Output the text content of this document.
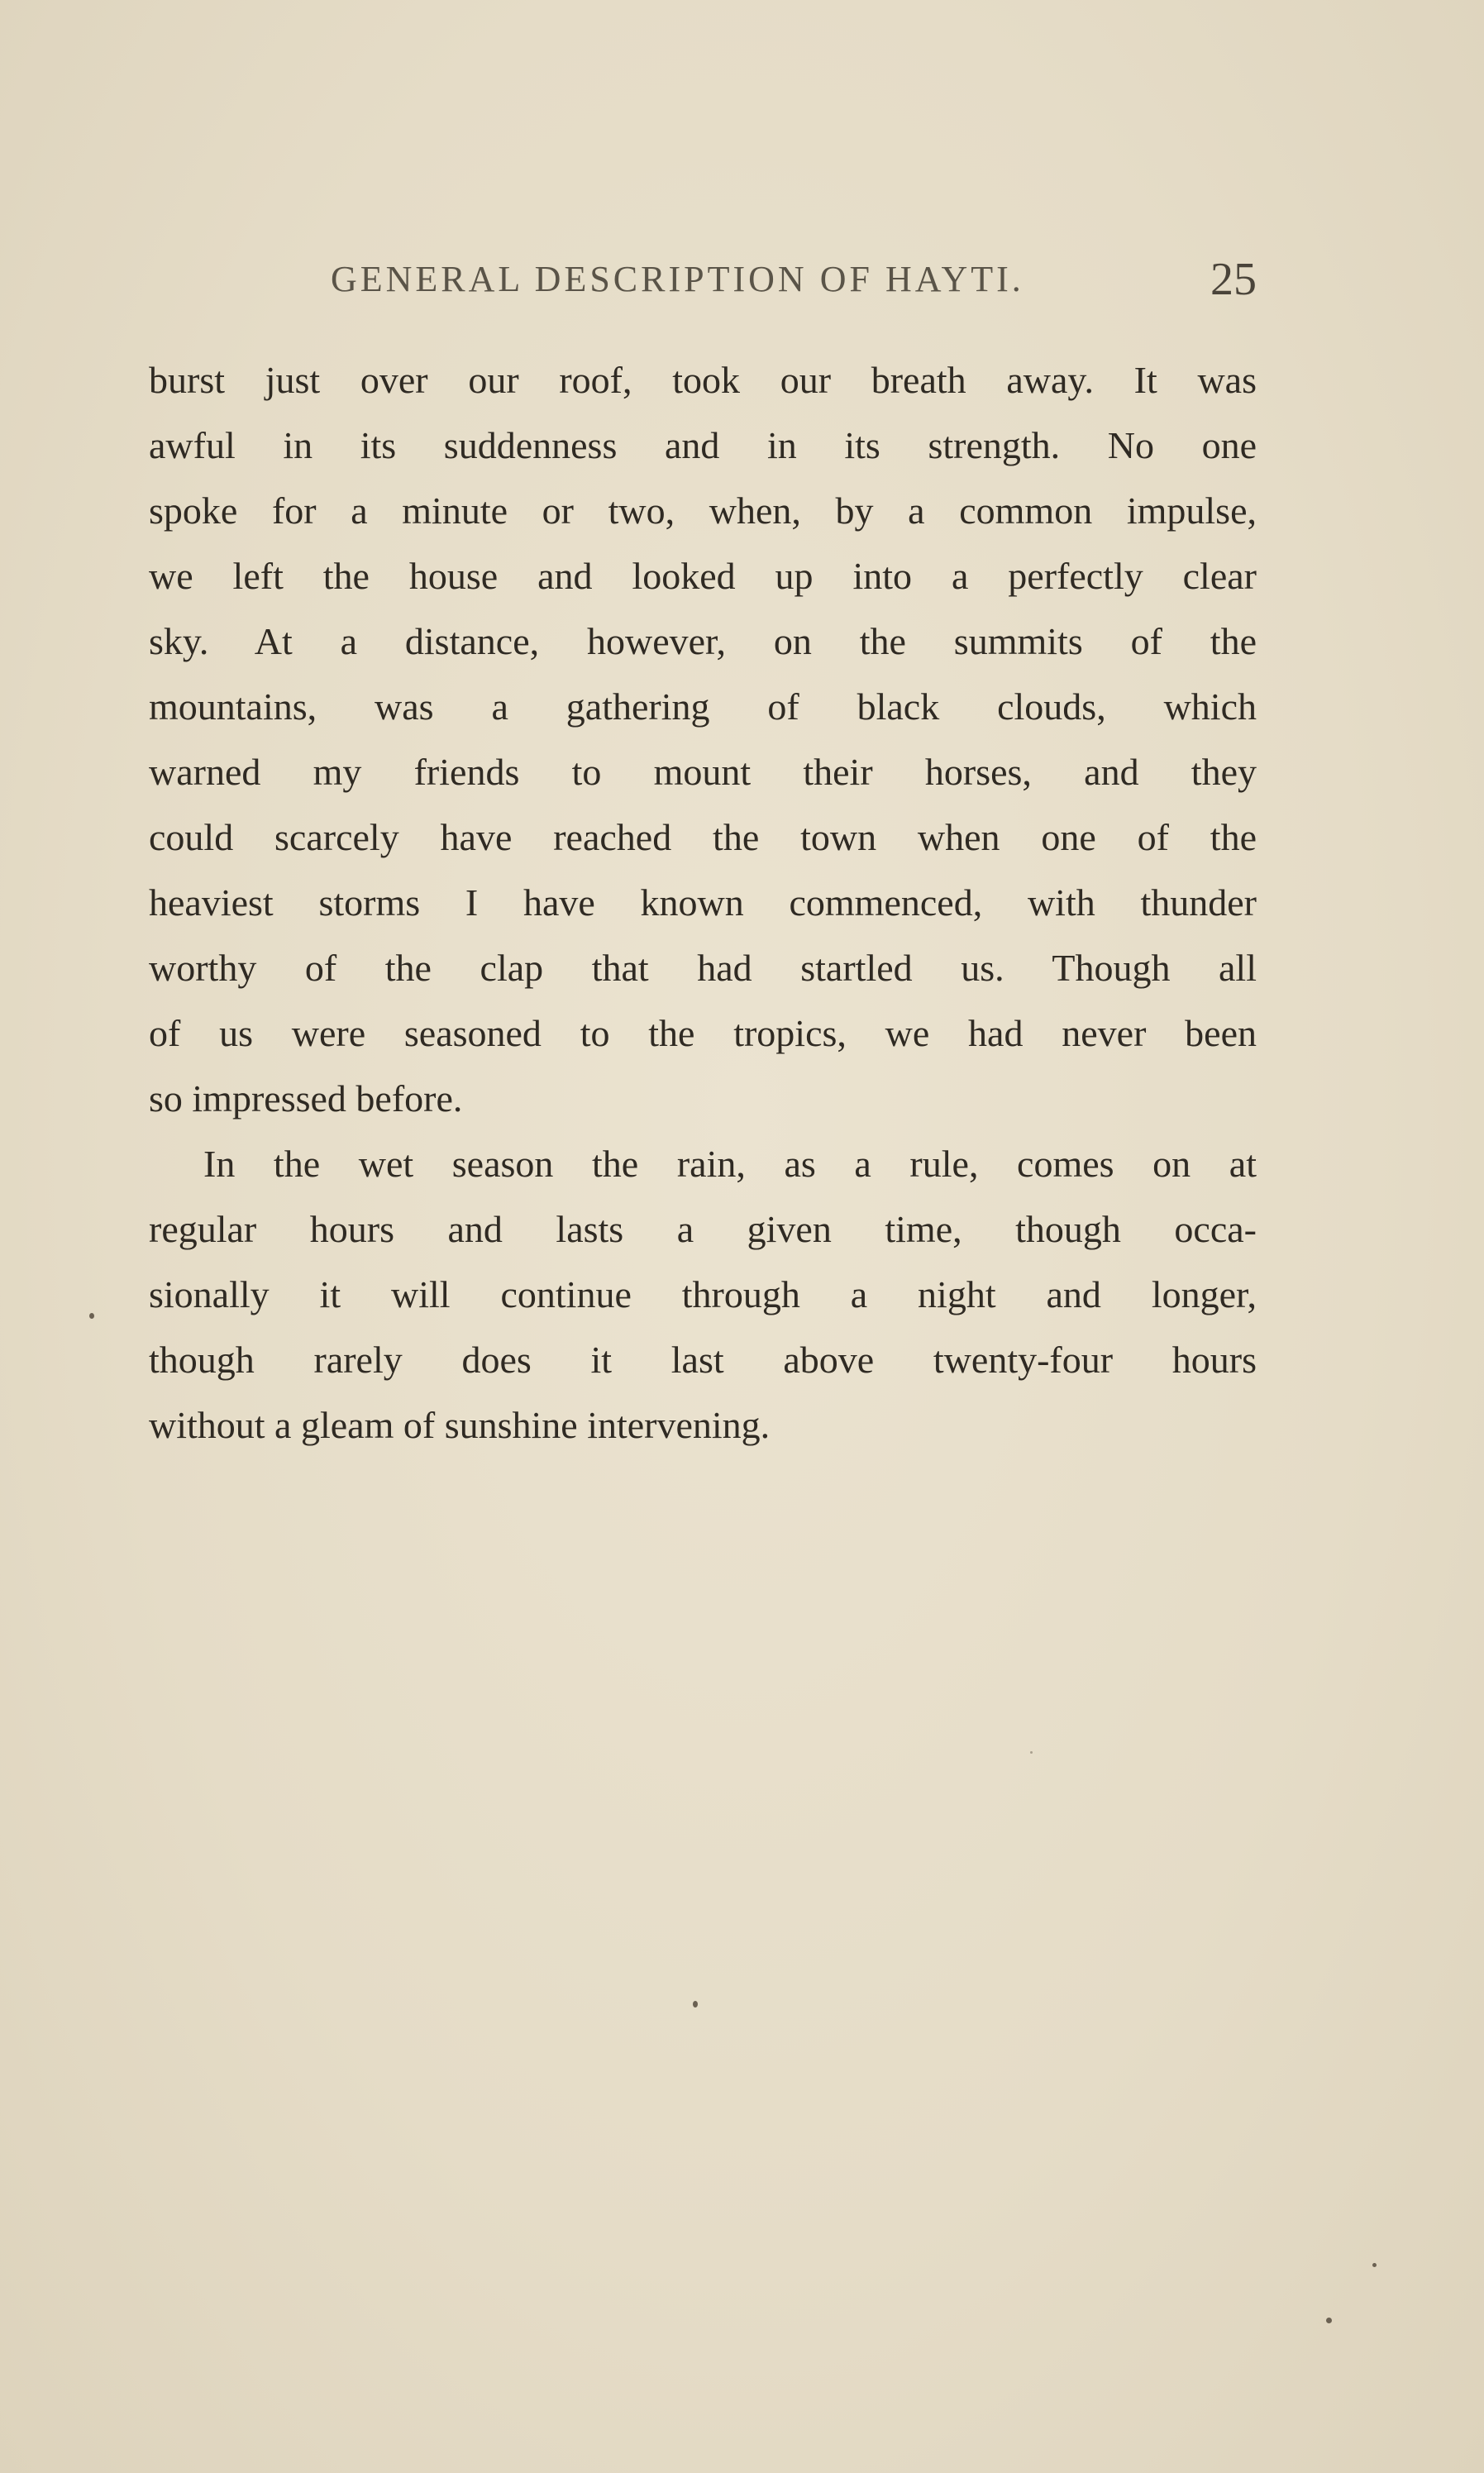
GENERAL DESCRIPTION OF HAYTI.	25
burst just over our roof, took our breath away. It was
awful in its suddenness and in its strength. No one
spoke for a minute or two, when, by a common impulse,
we left the house and looked up into a perfectly clear
sky. At a distance, however, on the summits of the
mountains, was a gathering of black clouds, which
warned my friends to mount their horses, and they
could scarcely have reached the town when one of the
heaviest storms I have known commenced, with thunder
worthy of the clap that had startled us. Though all
of us were seasoned to the tropics, we had never been
so impressed before.
In the wet season the rain, as a rule, comes on at
regular hours and lasts a given time, though occa-
sionally it will continue through a night and longer,
though rarely does it last above twenty-four hours
without a gleam of sunshine intervening.
